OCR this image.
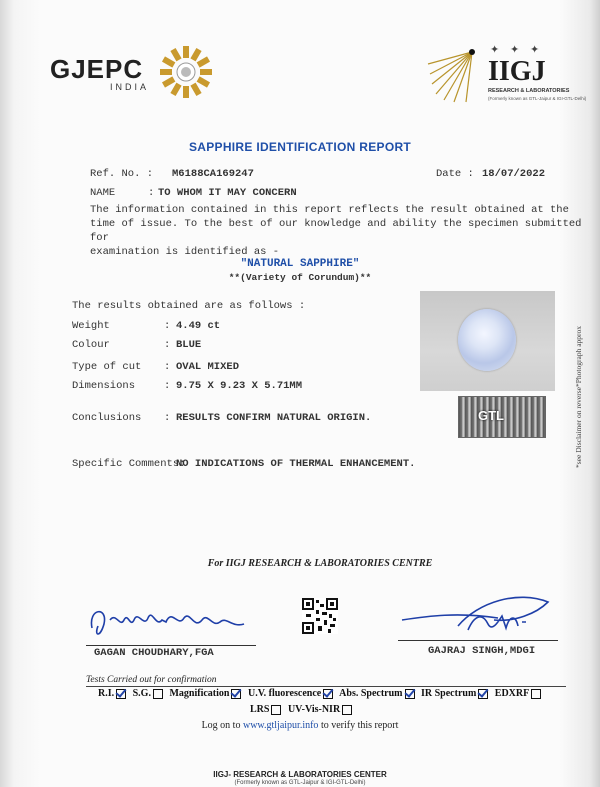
GJEPC
INDIA
✦ ✦ ✦
IIGJ
RESEARCH & LABORATORIES
(Formerly known as GTL-Jaipur & IGI-GTL-Delhi)
SAPPHIRE IDENTIFICATION REPORT
Ref. No. : M6188CA169247	Date : 18/07/2022
NAME	: TO WHOM IT MAY CONCERN
The information contained in this report reflects the result obtained at the
time of issue. To the best of our knowledge and ability the specimen submitted for
examination is identified as -
"NATURAL SAPPHIRE"
**(Variety of Corundum)**
The results obtained are as follows :
Weight	: 4.49 ct
Colour	: BLUE
Type of cut : OVAL MIXED
Dimensions	: 9.75 X 9.23 X 5.71MM
Conclusions : RESULTS CONFIRM NATURAL ORIGIN.
Specific Comments:
NO INDICATIONS OF THERMAL ENHANCEMENT.
GTL	*see Disclaimer on reverse*Photograph approx
For IIGJ RESEARCH & LABORATORIES CENTRE
GAGAN CHOUDHARY,FGA	GAJRAJ SINGH,MDGI
Tests Carried out for confirmation
R.I. S.G. Magnification U.V. fluorescence Abs. Spectrum IR Spectrum EDXRF
LRS UV-Vis-NIR
Log on to www.gtljaipur.info to verify this report
IIGJ- RESEARCH & LABORATORIES CENTER
(Formerly known as GTL-Jaipur & IGI-GTL-Delhi)
